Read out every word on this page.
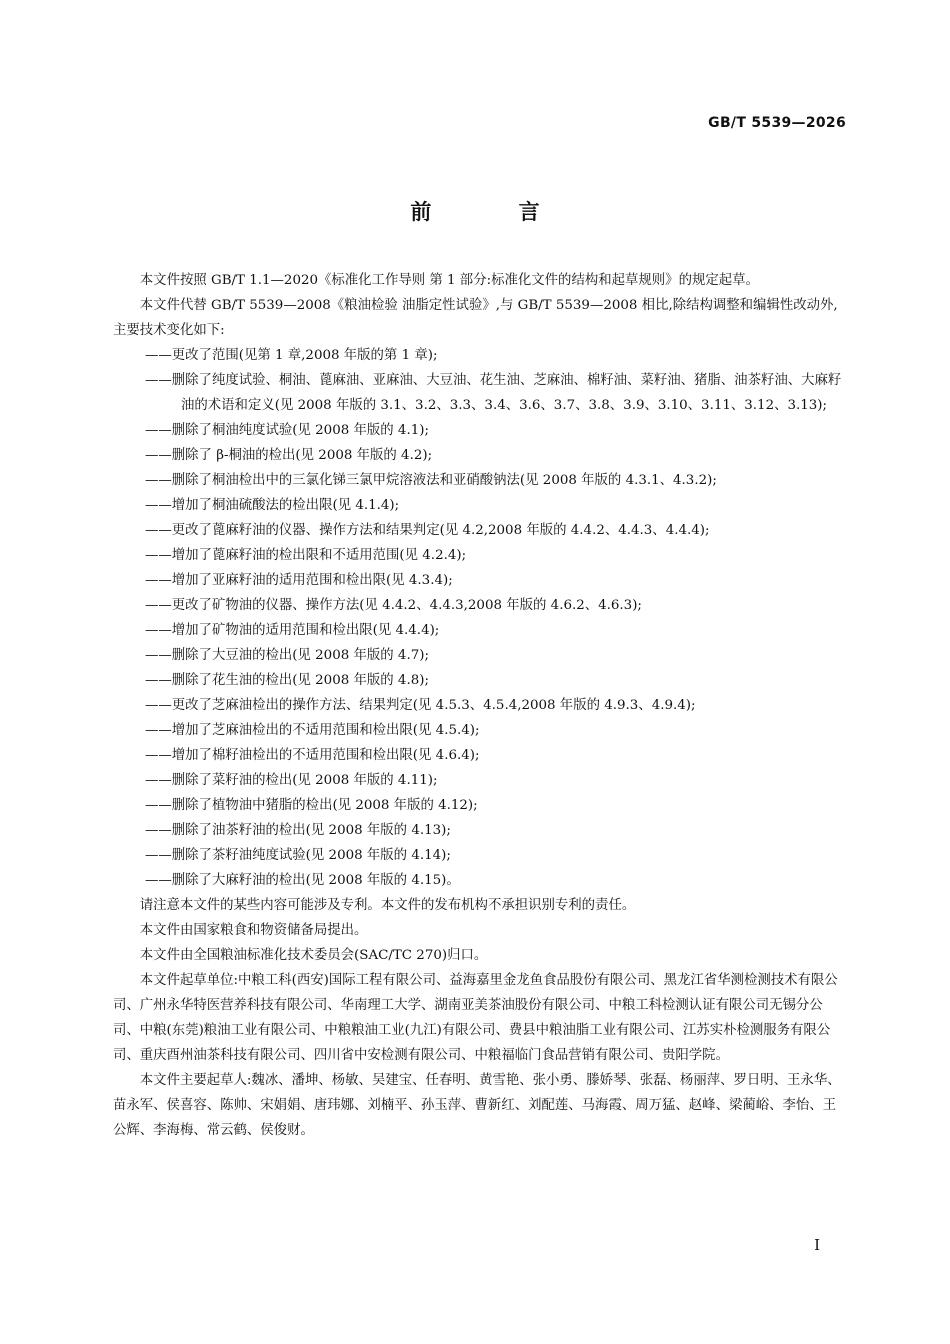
GB/T 5539—2026
前 言

本文件按照 GB/T 1.1—2020《标准化工作导则 第 1 部分:标准化文件的结构和起草规则》的规定起草。

本文件代替 GB/T 5539—2008《粮油检验 油脂定性试验》,与 GB/T 5539—2008 相比,除结构调整和编辑性改动外,主要技术变化如下:

——更改了范围(见第 1 章,2008 年版的第 1 章);

——删除了纯度试验、桐油、蓖麻油、亚麻油、大豆油、花生油、芝麻油、棉籽油、菜籽油、猪脂、油茶籽油、大麻籽油的术语和定义(见 2008 年版的 3.1、3.2、3.3、3.4、3.6、3.7、3.8、3.9、3.10、3.11、3.12、3.13);

——删除了桐油纯度试验(见 2008 年版的 4.1);

——删除了 β-桐油的检出(见 2008 年版的 4.2);

——删除了桐油检出中的三氯化锑三氯甲烷溶液法和亚硝酸钠法(见 2008 年版的 4.3.1、4.3.2);

——增加了桐油硫酸法的检出限(见 4.1.4);

——更改了蓖麻籽油的仪器、操作方法和结果判定(见 4.2,2008 年版的 4.4.2、4.4.3、4.4.4);

——增加了蓖麻籽油的检出限和不适用范围(见 4.2.4);

——增加了亚麻籽油的适用范围和检出限(见 4.3.4);

——更改了矿物油的仪器、操作方法(见 4.4.2、4.4.3,2008 年版的 4.6.2、4.6.3);

——增加了矿物油的适用范围和检出限(见 4.4.4);

——删除了大豆油的检出(见 2008 年版的 4.7);

——删除了花生油的检出(见 2008 年版的 4.8);

——更改了芝麻油检出的操作方法、结果判定(见 4.5.3、4.5.4,2008 年版的 4.9.3、4.9.4);

——增加了芝麻油检出的不适用范围和检出限(见 4.5.4);

——增加了棉籽油检出的不适用范围和检出限(见 4.6.4);

——删除了菜籽油的检出(见 2008 年版的 4.11);

——删除了植物油中猪脂的检出(见 2008 年版的 4.12);

——删除了油茶籽油的检出(见 2008 年版的 4.13);

——删除了茶籽油纯度试验(见 2008 年版的 4.14);

——删除了大麻籽油的检出(见 2008 年版的 4.15)。

请注意本文件的某些内容可能涉及专利。本文件的发布机构不承担识别专利的责任。

本文件由国家粮食和物资储备局提出。

本文件由全国粮油标准化技术委员会(SAC/TC 270)归口。

本文件起草单位:中粮工科(西安)国际工程有限公司、益海嘉里金龙鱼食品股份有限公司、黑龙江省华测检测技术有限公司、广州永华特医营养科技有限公司、华南理工大学、湖南亚美茶油股份有限公司、中粮工科检测认证有限公司无锡分公司、中粮(东莞)粮油工业有限公司、中粮粮油工业(九江)有限公司、费县中粮油脂工业有限公司、江苏实朴检测服务有限公司、重庆酉州油茶科技有限公司、四川省中安检测有限公司、中粮福临门食品营销有限公司、贵阳学院。

本文件主要起草人:魏冰、潘坤、杨敏、吴建宝、任春明、黄雪艳、张小勇、滕娇琴、张磊、杨丽萍、罗日明、王永华、苗永军、侯喜容、陈帅、宋娟娟、唐玮娜、刘楠平、孙玉萍、曹新红、刘配莲、马海霞、周万猛、赵峰、梁蔺峪、李怡、王公辉、李海梅、常云鹤、侯俊财。

I
